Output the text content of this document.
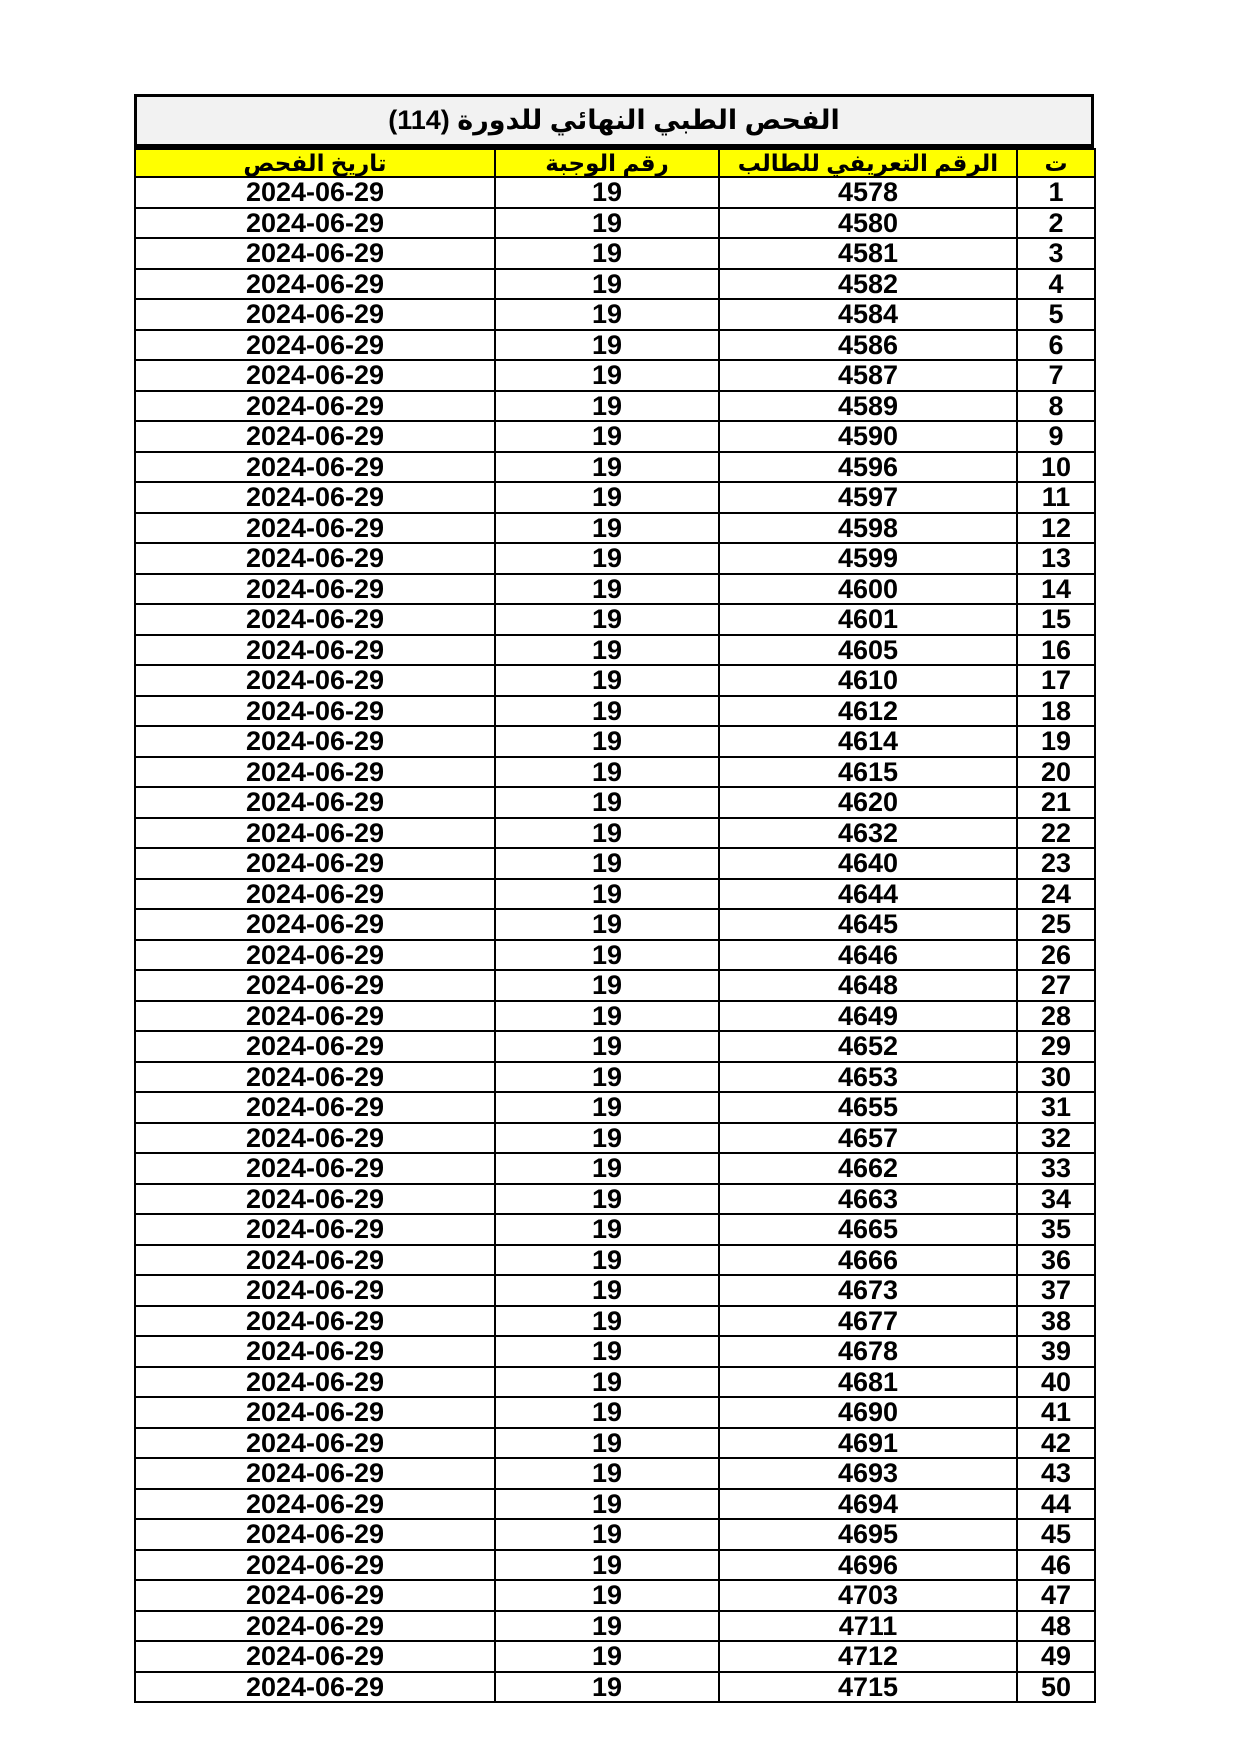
الفحص الطبي النهائي للدورة (114)
ت	الرقم التعريفي للطالب	رقم الوجبة	تاريخ الفحص
1	4578	19	2024-06-29
2	4580	19	2024-06-29
3	4581	19	2024-06-29
4	4582	19	2024-06-29
5	4584	19	2024-06-29
6	4586	19	2024-06-29
7	4587	19	2024-06-29
8	4589	19	2024-06-29
9	4590	19	2024-06-29
10	4596	19	2024-06-29
11	4597	19	2024-06-29
12	4598	19	2024-06-29
13	4599	19	2024-06-29
14	4600	19	2024-06-29
15	4601	19	2024-06-29
16	4605	19	2024-06-29
17	4610	19	2024-06-29
18	4612	19	2024-06-29
19	4614	19	2024-06-29
20	4615	19	2024-06-29
21	4620	19	2024-06-29
22	4632	19	2024-06-29
23	4640	19	2024-06-29
24	4644	19	2024-06-29
25	4645	19	2024-06-29
26	4646	19	2024-06-29
27	4648	19	2024-06-29
28	4649	19	2024-06-29
29	4652	19	2024-06-29
30	4653	19	2024-06-29
31	4655	19	2024-06-29
32	4657	19	2024-06-29
33	4662	19	2024-06-29
34	4663	19	2024-06-29
35	4665	19	2024-06-29
36	4666	19	2024-06-29
37	4673	19	2024-06-29
38	4677	19	2024-06-29
39	4678	19	2024-06-29
40	4681	19	2024-06-29
41	4690	19	2024-06-29
42	4691	19	2024-06-29
43	4693	19	2024-06-29
44	4694	19	2024-06-29
45	4695	19	2024-06-29
46	4696	19	2024-06-29
47	4703	19	2024-06-29
48	4711	19	2024-06-29
49	4712	19	2024-06-29
50	4715	19	2024-06-29
